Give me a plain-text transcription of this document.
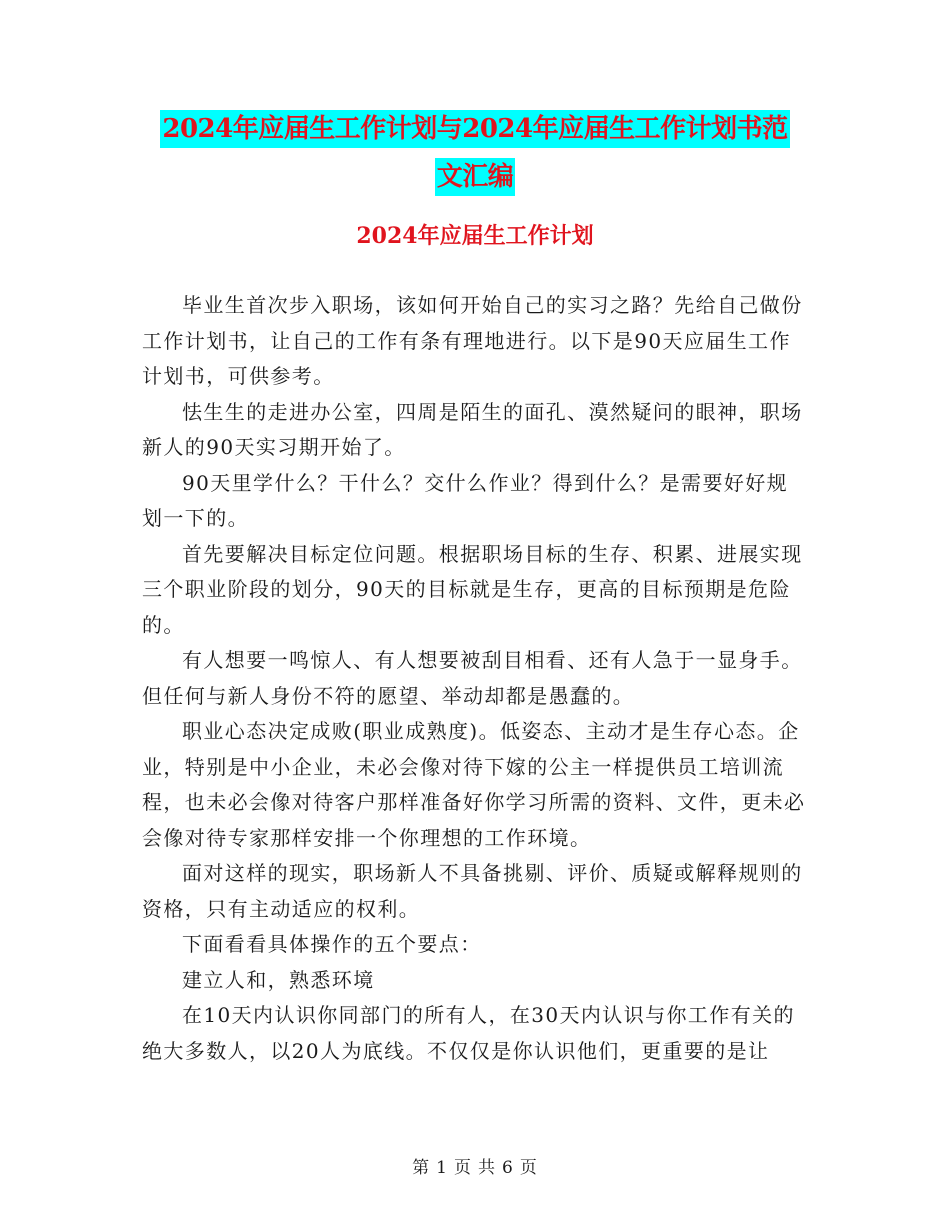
2024年应届生工作计划与2024年应届生工作计划书范
文汇编
2024年应届生工作计划

毕业生首次步入职场，该如何开始自己的实习之路？先给自己做份工作计划书，让自己的工作有条有理地进行。以下是90天应届生工作计划书，可供参考。

怯生生的走进办公室，四周是陌生的面孔、漠然疑问的眼神，职场新人的90天实习期开始了。

90天里学什么？干什么？交什么作业？得到什么？是需要好好规划一下的。

首先要解决目标定位问题。根据职场目标的生存、积累、进展实现三个职业阶段的划分，90天的目标就是生存，更高的目标预期是危险的。

有人想要一鸣惊人、有人想要被刮目相看、还有人急于一显身手。但任何与新人身份不符的愿望、举动却都是愚蠢的。

职业心态决定成败(职业成熟度)。低姿态、主动才是生存心态。企业，特别是中小企业，未必会像对待下嫁的公主一样提供员工培训流程，也未必会像对待客户那样准备好你学习所需的资料、文件，更未必会像对待专家那样安排一个你理想的工作环境。

面对这样的现实，职场新人不具备挑剔、评价、质疑或解释规则的资格，只有主动适应的权利。

下面看看具体操作的五个要点：

建立人和，熟悉环境

在10天内认识你同部门的所有人，在30天内认识与你工作有关的绝大多数人，以20人为底线。不仅仅是你认识他们，更重要的是让

第 1 页 共 6 页
